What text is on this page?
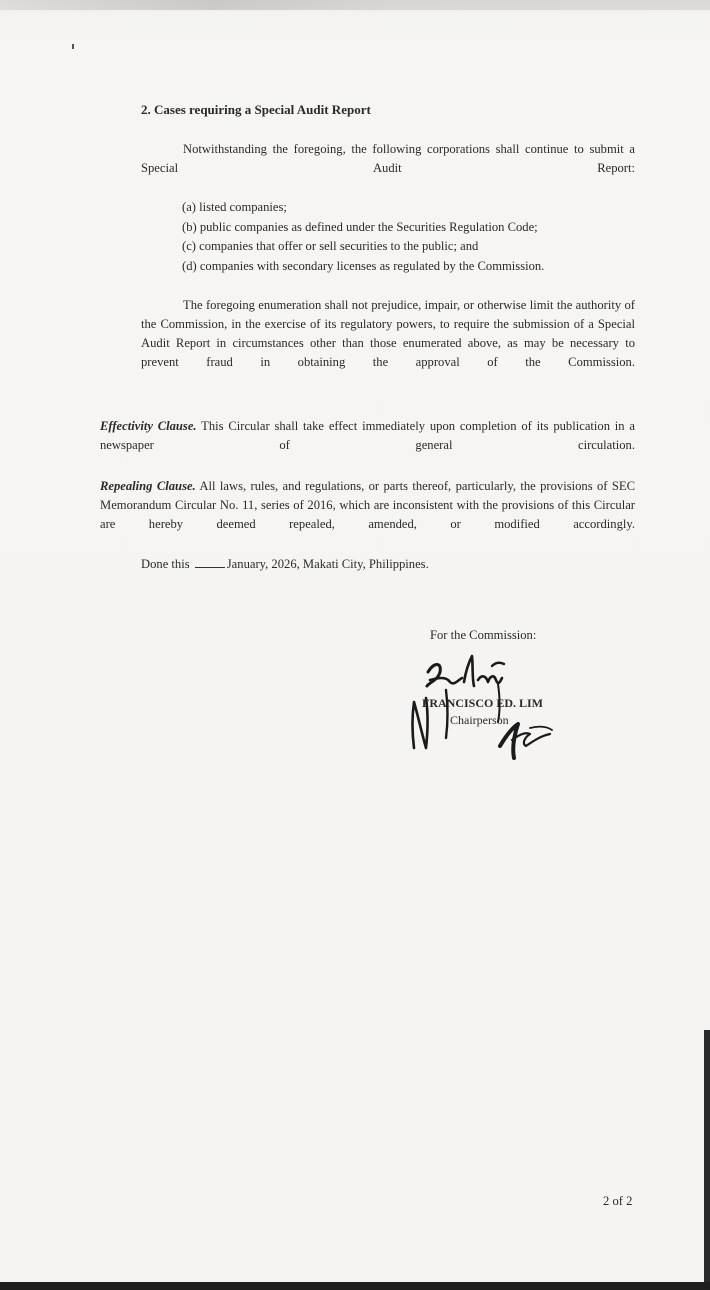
2. Cases requiring a Special Audit Report
Notwithstanding the foregoing, the following corporations shall continue to submit a Special Audit Report:
(a) listed companies;
(b) public companies as defined under the Securities Regulation Code;
(c) companies that offer or sell securities to the public; and
(d) companies with secondary licenses as regulated by the Commission.
The foregoing enumeration shall not prejudice, impair, or otherwise limit the authority of the Commission, in the exercise of its regulatory powers, to require the submission of a Special Audit Report in circumstances other than those enumerated above, as may be necessary to prevent fraud in obtaining the approval of the Commission.
Effectivity Clause. This Circular shall take effect immediately upon completion of its publication in a newspaper of general circulation.
Repealing Clause. All laws, rules, and regulations, or parts thereof, particularly, the provisions of SEC Memorandum Circular No. 11, series of 2016, which are inconsistent with the provisions of this Circular are hereby deemed repealed, amended, or modified accordingly.
Done this	January, 2026, Makati City, Philippines.
For the Commission:
FRANCISCO ED. LIM
Chairperson
2 of 2
